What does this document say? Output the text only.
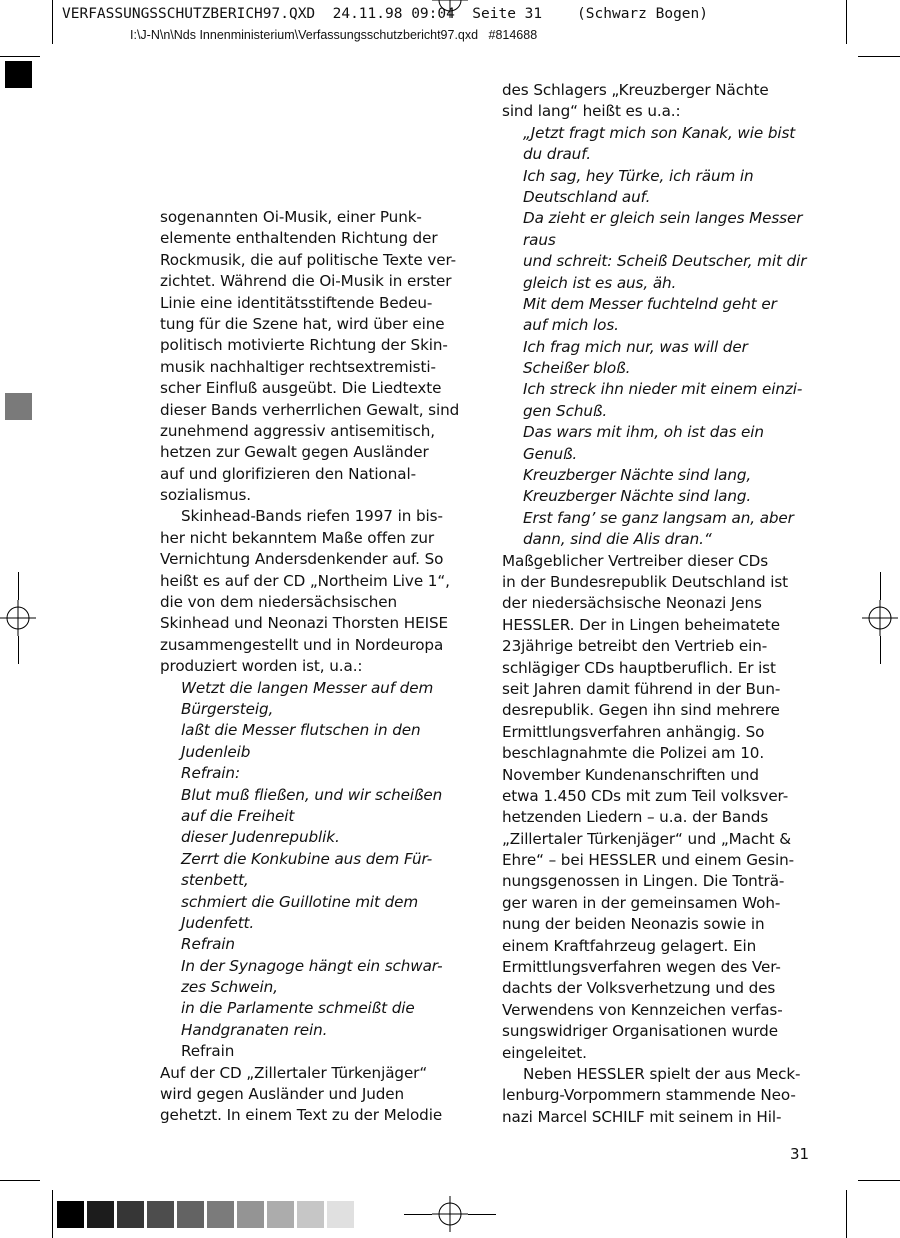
VERFASSUNGSSCHUTZBERICH97.QXD  24.11.98 09:04  Seite 31    (Schwarz Bogen)
I:\J-N\n\Nds Innenministerium\Verfassungsschutzbericht97.qxd   #814688
sogenannten Oi-Musik, einer Punk-
elemente enthaltenden Richtung der
Rockmusik, die auf politische Texte ver-
zichtet. Während die Oi-Musik in erster
Linie eine identitätsstiftende Bedeu-
tung für die Szene hat, wird über eine
politisch motivierte Richtung der Skin-
musik nachhaltiger rechtsextremisti-
scher Einfluß ausgeübt. Die Liedtexte
dieser Bands verherrlichen Gewalt, sind
zunehmend aggressiv antisemitisch,
hetzen zur Gewalt gegen Ausländer
auf und glorifizieren den National-
sozialismus.
Skinhead-Bands riefen 1997 in bis-
her nicht bekanntem Maße offen zur
Vernichtung Andersdenkender auf. So
heißt es auf der CD „Northeim Live 1“,
die von dem niedersächsischen
Skinhead und Neonazi Thorsten HEISE
zusammengestellt und in Nordeuropa
produziert worden ist, u.a.:
Wetzt die langen Messer auf dem
Bürgersteig,
laßt die Messer flutschen in den
Judenleib
Refrain:
Blut muß fließen, und wir scheißen
auf die Freiheit
dieser Judenrepublik.
Zerrt die Konkubine aus dem Für-
stenbett,
schmiert die Guillotine mit dem
Judenfett.
Refrain
In der Synagoge hängt ein schwar-
zes Schwein,
in die Parlamente schmeißt die
Handgranaten rein.
Refrain
Auf der CD „Zillertaler Türkenjäger“
wird gegen Ausländer und Juden
gehetzt. In einem Text zu der Melodie
des Schlagers „Kreuzberger Nächte
sind lang“ heißt es u.a.:
„Jetzt fragt mich son Kanak, wie bist
du drauf.
Ich sag, hey Türke, ich räum in
Deutschland auf.
Da zieht er gleich sein langes Messer
raus
und schreit: Scheiß Deutscher, mit dir
gleich ist es aus, äh.
Mit dem Messer fuchtelnd geht er
auf mich los.
Ich frag mich nur, was will der
Scheißer bloß.
Ich streck ihn nieder mit einem einzi-
gen Schuß.
Das wars mit ihm, oh ist das ein
Genuß.
Kreuzberger Nächte sind lang,
Kreuzberger Nächte sind lang.
Erst fang’ se ganz langsam an, aber
dann, sind die Alis dran.“
Maßgeblicher Vertreiber dieser CDs
in der Bundesrepublik Deutschland ist
der niedersächsische Neonazi Jens
HESSLER. Der in Lingen beheimatete
23jährige betreibt den Vertrieb ein-
schlägiger CDs hauptberuflich. Er ist
seit Jahren damit führend in der Bun-
desrepublik. Gegen ihn sind mehrere
Ermittlungsverfahren anhängig. So
beschlagnahmte die Polizei am 10.
November Kundenanschriften und
etwa 1.450 CDs mit zum Teil volksver-
hetzenden Liedern – u.a. der Bands
„Zillertaler Türkenjäger“ und „Macht &
Ehre“ – bei HESSLER und einem Gesin-
nungsgenossen in Lingen. Die Tonträ-
ger waren in der gemeinsamen Woh-
nung der beiden Neonazis sowie in
einem Kraftfahrzeug gelagert. Ein
Ermittlungsverfahren wegen des Ver-
dachts der Volksverhetzung und des
Verwendens von Kennzeichen verfas-
sungswidriger Organisationen wurde
eingeleitet.
Neben HESSLER spielt der aus Meck-
lenburg-Vorpommern stammende Neo-
nazi Marcel SCHILF mit seinem in Hil-
31
